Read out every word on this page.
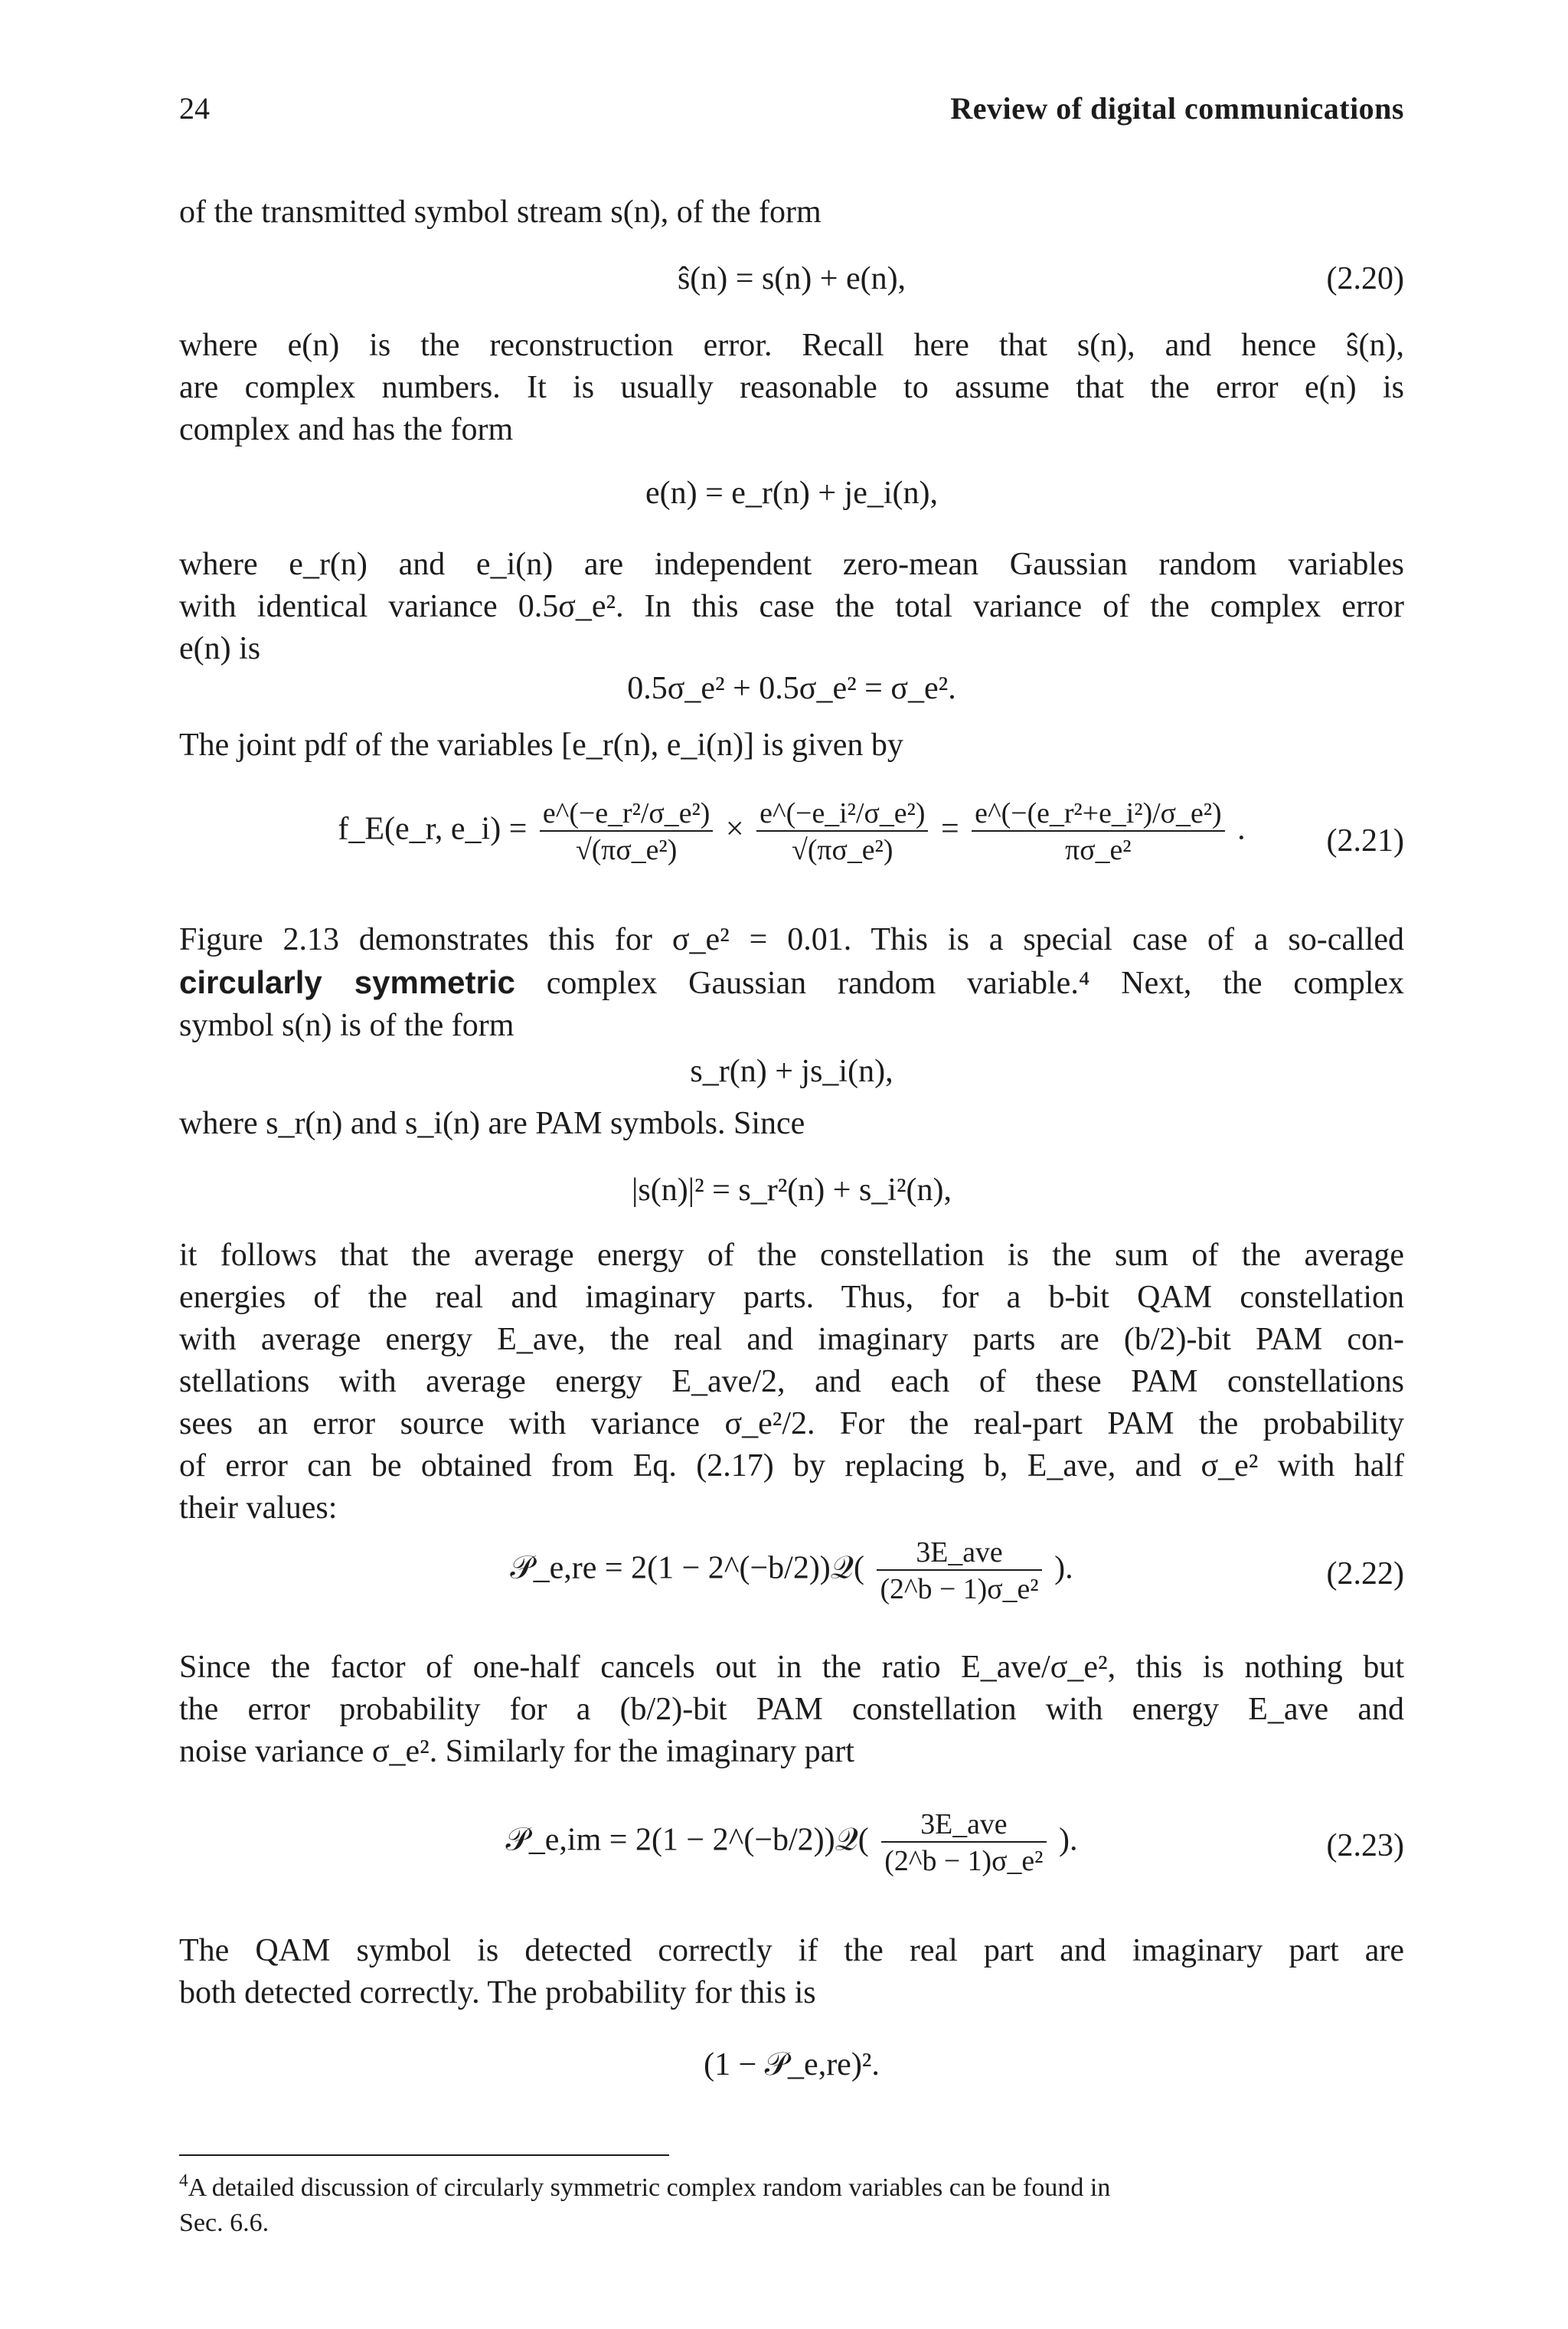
24	Review of digital communications
of the transmitted symbol stream s(n), of the form
ŝ(n) = s(n) + e(n),	(2.20)
where e(n) is the reconstruction error. Recall here that s(n), and hence ŝ(n),
are complex numbers. It is usually reasonable to assume that the error e(n) is
complex and has the form
e(n) = e_r(n) + je_i(n),
where e_r(n) and e_i(n) are independent zero-mean Gaussian random variables
with identical variance 0.5σ_e². In this case the total variance of the complex error
e(n) is
0.5σ_e² + 0.5σ_e² = σ_e².
The joint pdf of the variables [e_r(n), e_i(n)] is given by
f_E(e_r, e_i) = $\frac{\text{e\textasciicircum{}(−e\_r²/σ\_e²)}}{\text{√(πσ\_e²)}} \times \frac{\text{e\textasciicircum{}(−e\_i²/σ\_e²)}}{\text{√(πσ\_e²)}} = \frac{\text{e\textasciicircum{}(−(e\_r²+e\_i²)/σ\_e²)}}{\text{πσ\_e²}}$ .	(2.21)
Figure 2.13 demonstrates this for σ_e² = 0.01. This is a special case of a so-called
circularly symmetric complex Gaussian random variable.⁴ Next, the complex
symbol s(n) is of the form
s_r(n) + js_i(n),
where s_r(n) and s_i(n) are PAM symbols. Since
|s(n)|² = s_r²(n) + s_i²(n),
it follows that the average energy of the constellation is the sum of the average
energies of the real and imaginary parts. Thus, for a b-bit QAM constellation
with average energy E_ave, the real and imaginary parts are (b/2)-bit PAM con-
stellations with average energy E_ave/2, and each of these PAM constellations
sees an error source with variance σ_e²/2. For the real-part PAM the probability
of error can be obtained from Eq. (2.17) by replacing b, E_ave, and σ_e² with half
their values:
𝒫_e,re = 2(1 − 2^(−b/2))𝒬( $\frac{\text{3E\_ave}}{\text{(2\textasciicircum{}b − 1)σ\_e²}}$ ).	(2.22)
Since the factor of one-half cancels out in the ratio E_ave/σ_e², this is nothing but
the error probability for a (b/2)-bit PAM constellation with energy E_ave and
noise variance σ_e². Similarly for the imaginary part
𝒫_e,im = 2(1 − 2^(−b/2))𝒬( $\frac{\text{3E\_ave}}{\text{(2\textasciicircum{}b − 1)σ\_e²}}$ ).	(2.23)
The QAM symbol is detected correctly if the real part and imaginary part are
both detected correctly. The probability for this is
(1 − 𝒫_e,re)².
$^4$A detailed discussion of circularly symmetric complex random variables can be found in
Sec. 6.6.
